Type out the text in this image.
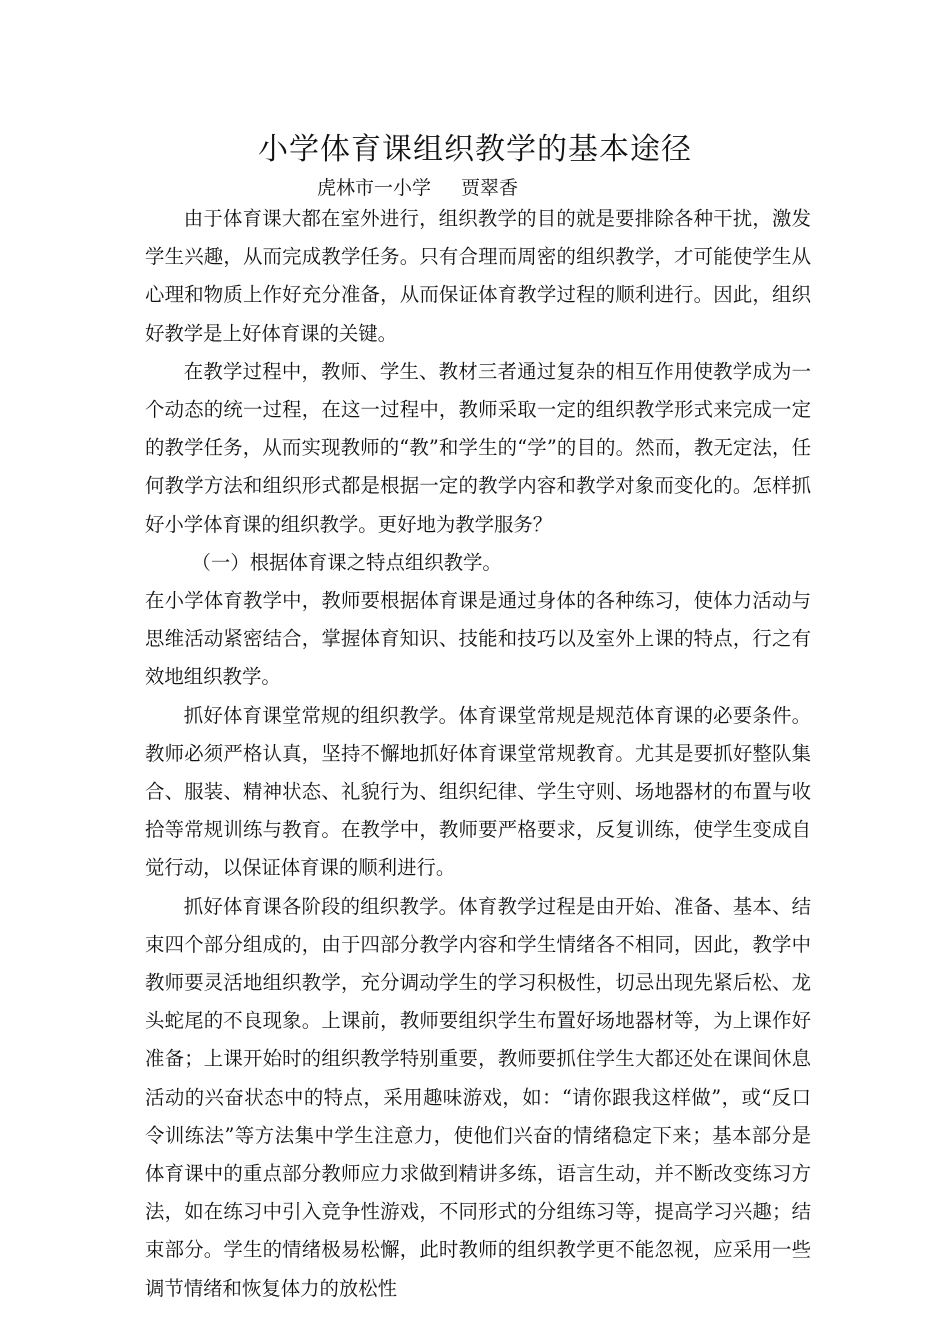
小学体育课组织教学的基本途径
虎林市一小学 贾翠香

由于体育课大都在室外进行，组织教学的目的就是要排除各种干扰，激发学生兴趣，从而完成教学任务。只有合理而周密的组织教学，才可能使学生从心理和物质上作好充分准备，从而保证体育教学过程的顺利进行。因此，组织好教学是上好体育课的关键。

在教学过程中，教师、学生、教材三者通过复杂的相互作用使教学成为一个动态的统一过程，在这一过程中，教师采取一定的组织教学形式来完成一定的教学任务，从而实现教师的“教”和学生的“学”的目的。然而，教无定法，任何教学方法和组织形式都是根据一定的教学内容和教学对象而变化的。怎样抓好小学体育课的组织教学。更好地为教学服务？

（一）根据体育课之特点组织教学。

在小学体育教学中，教师要根据体育课是通过身体的各种练习，使体力活动与思维活动紧密结合，掌握体育知识、技能和技巧以及室外上课的特点，行之有效地组织教学。

抓好体育课堂常规的组织教学。体育课堂常规是规范体育课的必要条件。教师必须严格认真，坚持不懈地抓好体育课堂常规教育。尤其是要抓好整队集合、服装、精神状态、礼貌行为、组织纪律、学生守则、场地器材的布置与收拾等常规训练与教育。在教学中，教师要严格要求，反复训练，使学生变成自觉行动，以保证体育课的顺利进行。

抓好体育课各阶段的组织教学。体育教学过程是由开始、准备、基本、结束四个部分组成的，由于四部分教学内容和学生情绪各不相同，因此，教学中教师要灵活地组织教学，充分调动学生的学习积极性，切忌出现先紧后松、龙头蛇尾的不良现象。上课前，教师要组织学生布置好场地器材等，为上课作好准备；上课开始时的组织教学特别重要，教师要抓住学生大都还处在课间休息活动的兴奋状态中的特点，采用趣味游戏，如：“请你跟我这样做”，或“反口令训练法”等方法集中学生注意力，使他们兴奋的情绪稳定下来；基本部分是体育课中的重点部分教师应力求做到精讲多练，语言生动，并不断改变练习方法，如在练习中引入竞争性游戏，不同形式的分组练习等，提高学习兴趣；结束部分。学生的情绪极易松懈，此时教师的组织教学更不能忽视，应采用一些调节情绪和恢复体力的放松性
